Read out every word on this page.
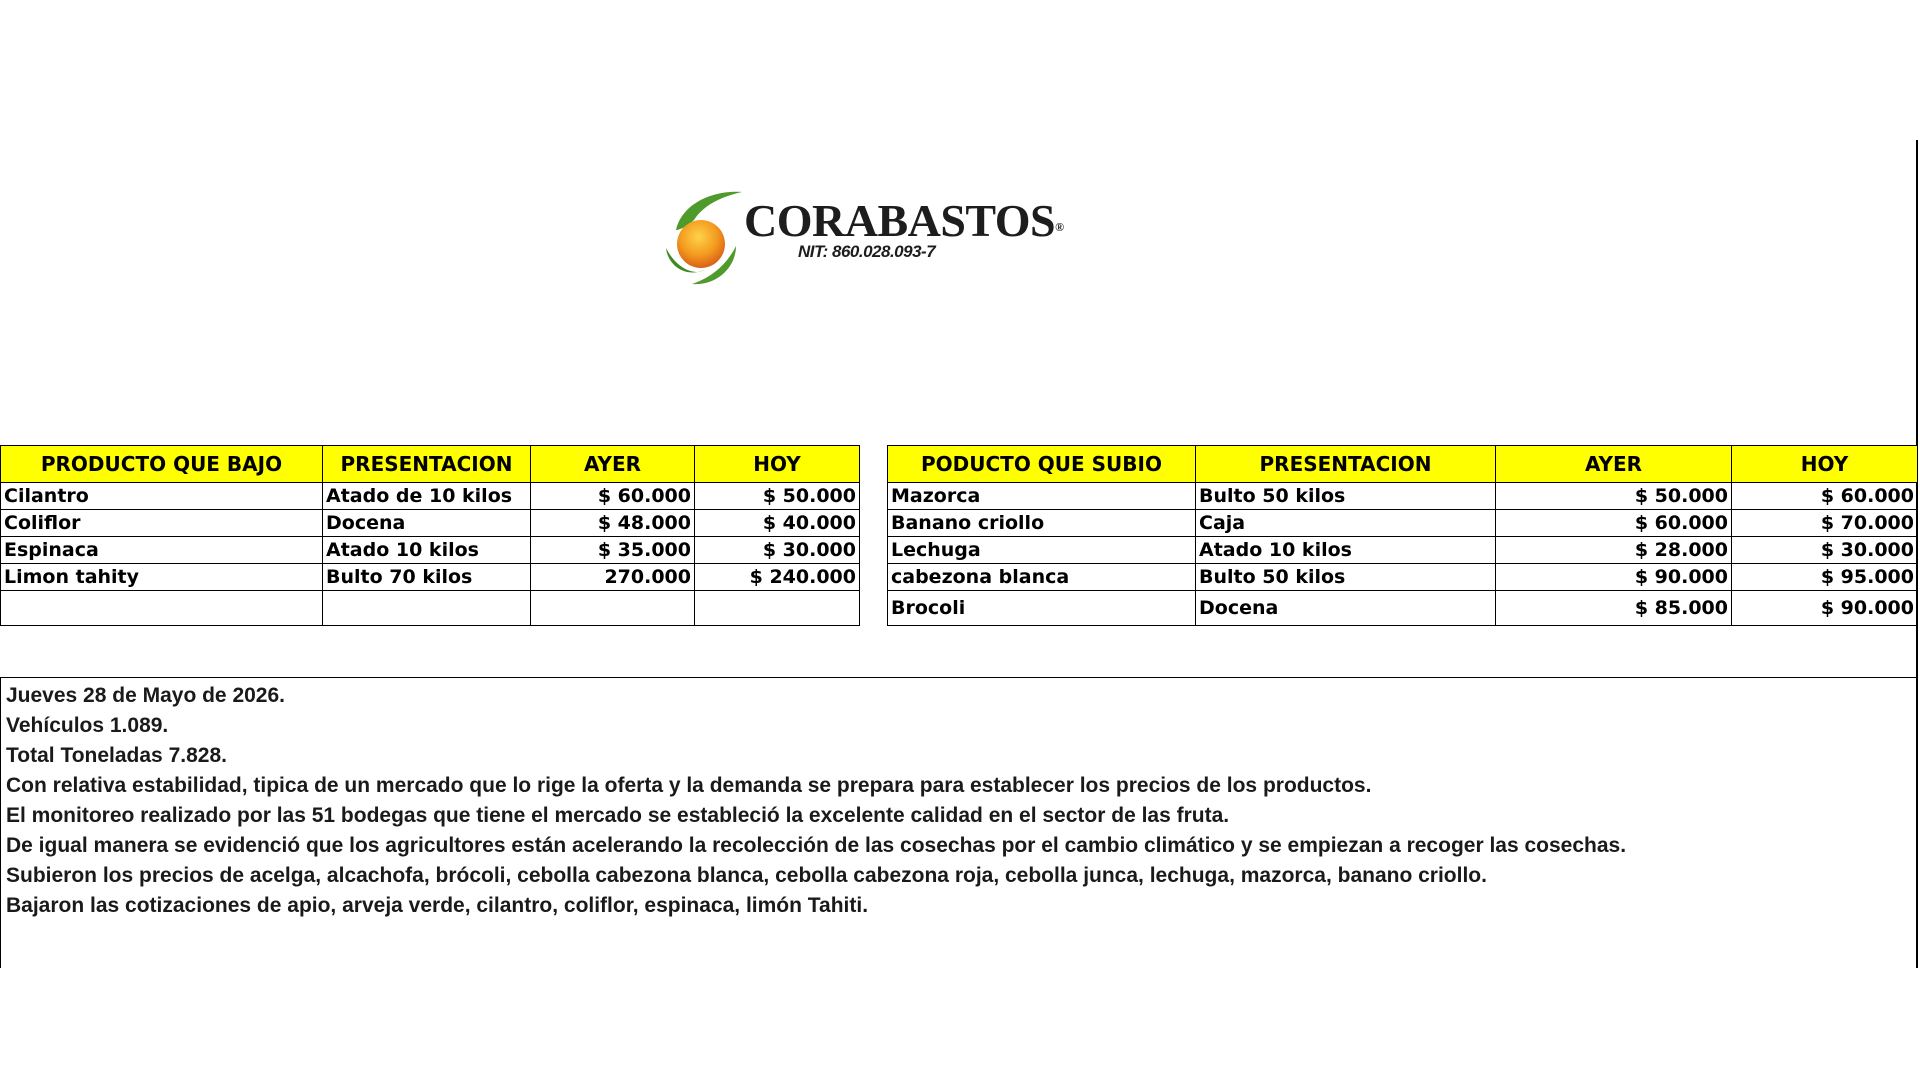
CORABASTOS®
NIT: 860.028.093-7
PRODUCTO QUE BAJO	PRESENTACION	AYER	HOY
Cilantro	Atado de 10 kilos	$ 60.000	$ 50.000
Coliflor	Docena	$ 48.000	$ 40.000
Espinaca	Atado 10 kilos	$ 35.000	$ 30.000
Limon tahity	Bulto 70 kilos	270.000	$ 240.000

PODUCTO QUE SUBIO	PRESENTACION	AYER	HOY
Mazorca	Bulto 50 kilos	$ 50.000	$ 60.000
Banano criollo	Caja	$ 60.000	$ 70.000
Lechuga	Atado 10 kilos	$ 28.000	$ 30.000
cabezona blanca	Bulto 50 kilos	$ 90.000	$ 95.000
Brocoli	Docena	$ 85.000	$ 90.000

Jueves 28 de Mayo de 2026.

Vehículos 1.089.

Total Toneladas 7.828.

Con relativa estabilidad, tipica de un mercado que lo rige la oferta y la demanda se prepara para establecer los precios de los productos.

El monitoreo realizado por las 51 bodegas que tiene el mercado se estableció la excelente calidad en el sector de las fruta.

De igual manera se evidenció que los agricultores están acelerando la recolección de las cosechas por el cambio climático y se empiezan a recoger las cosechas.

Subieron los precios de acelga, alcachofa, brócoli, cebolla cabezona blanca, cebolla cabezona roja, cebolla junca, lechuga, mazorca, banano criollo.

Bajaron las cotizaciones de apio, arveja verde, cilantro, coliflor, espinaca, limón Tahiti.
